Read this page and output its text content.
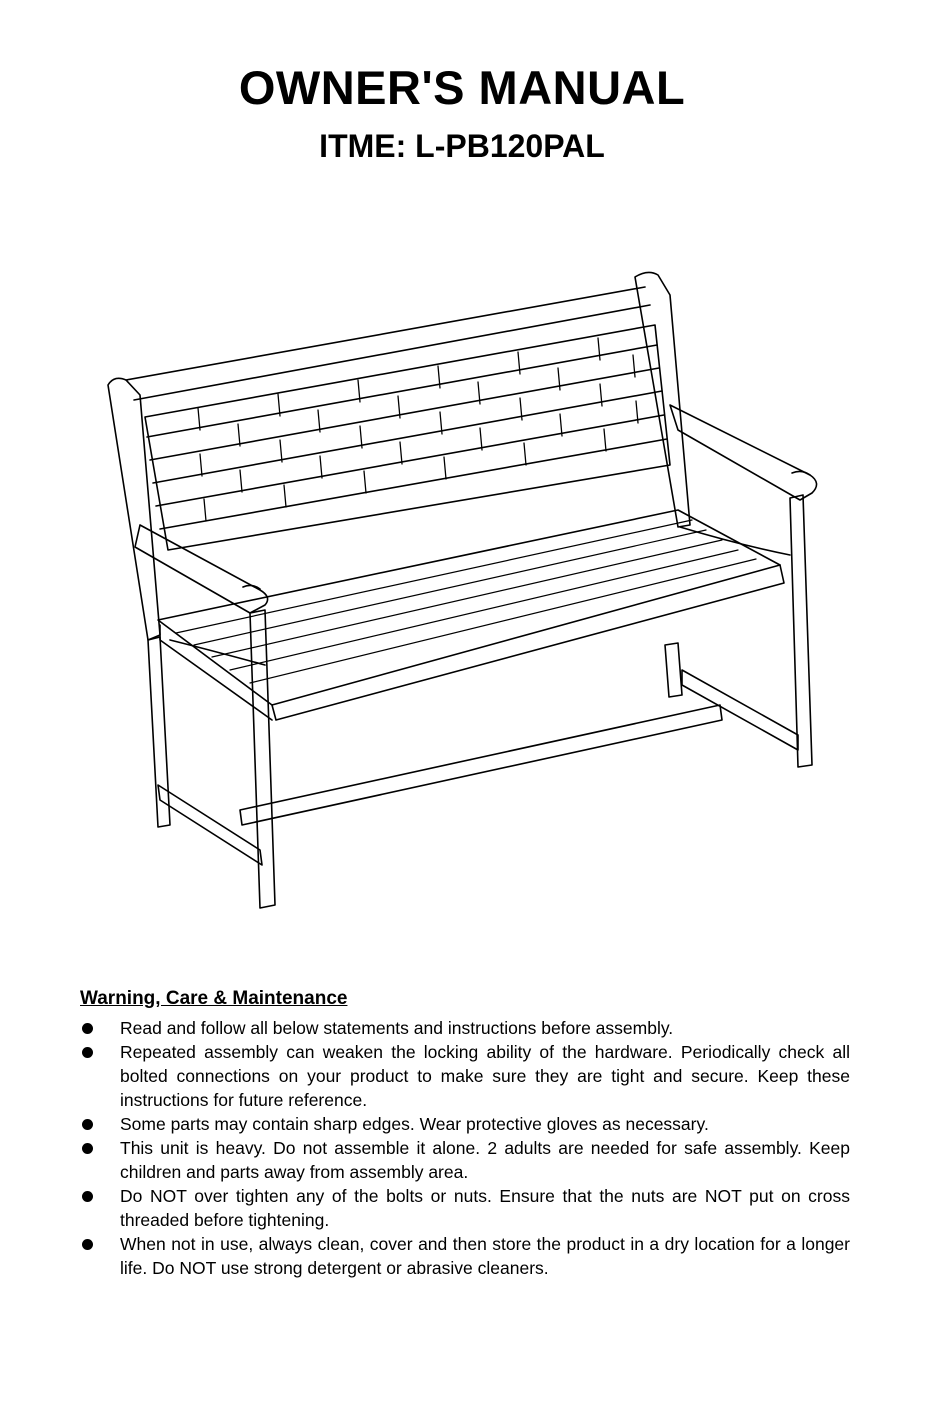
OWNER'S MANUAL
ITME: L-PB120PAL
Warning, Care & Maintenance
Read and follow all below statements and instructions before assembly.
Repeated assembly can weaken the locking ability of the hardware. Periodically check all bolted connections on your product to make sure they are tight and secure. Keep these instructions for future reference.
Some parts may contain sharp edges. Wear protective gloves as necessary.
This unit is heavy. Do not assemble it alone. 2 adults are needed for safe assembly. Keep children and parts away from assembly area.
Do NOT over tighten any of the bolts or nuts. Ensure that the nuts are NOT put on cross threaded before tightening.
When not in use, always clean, cover and then store the product in a dry location for a longer life. Do NOT use strong detergent or abrasive cleaners.
